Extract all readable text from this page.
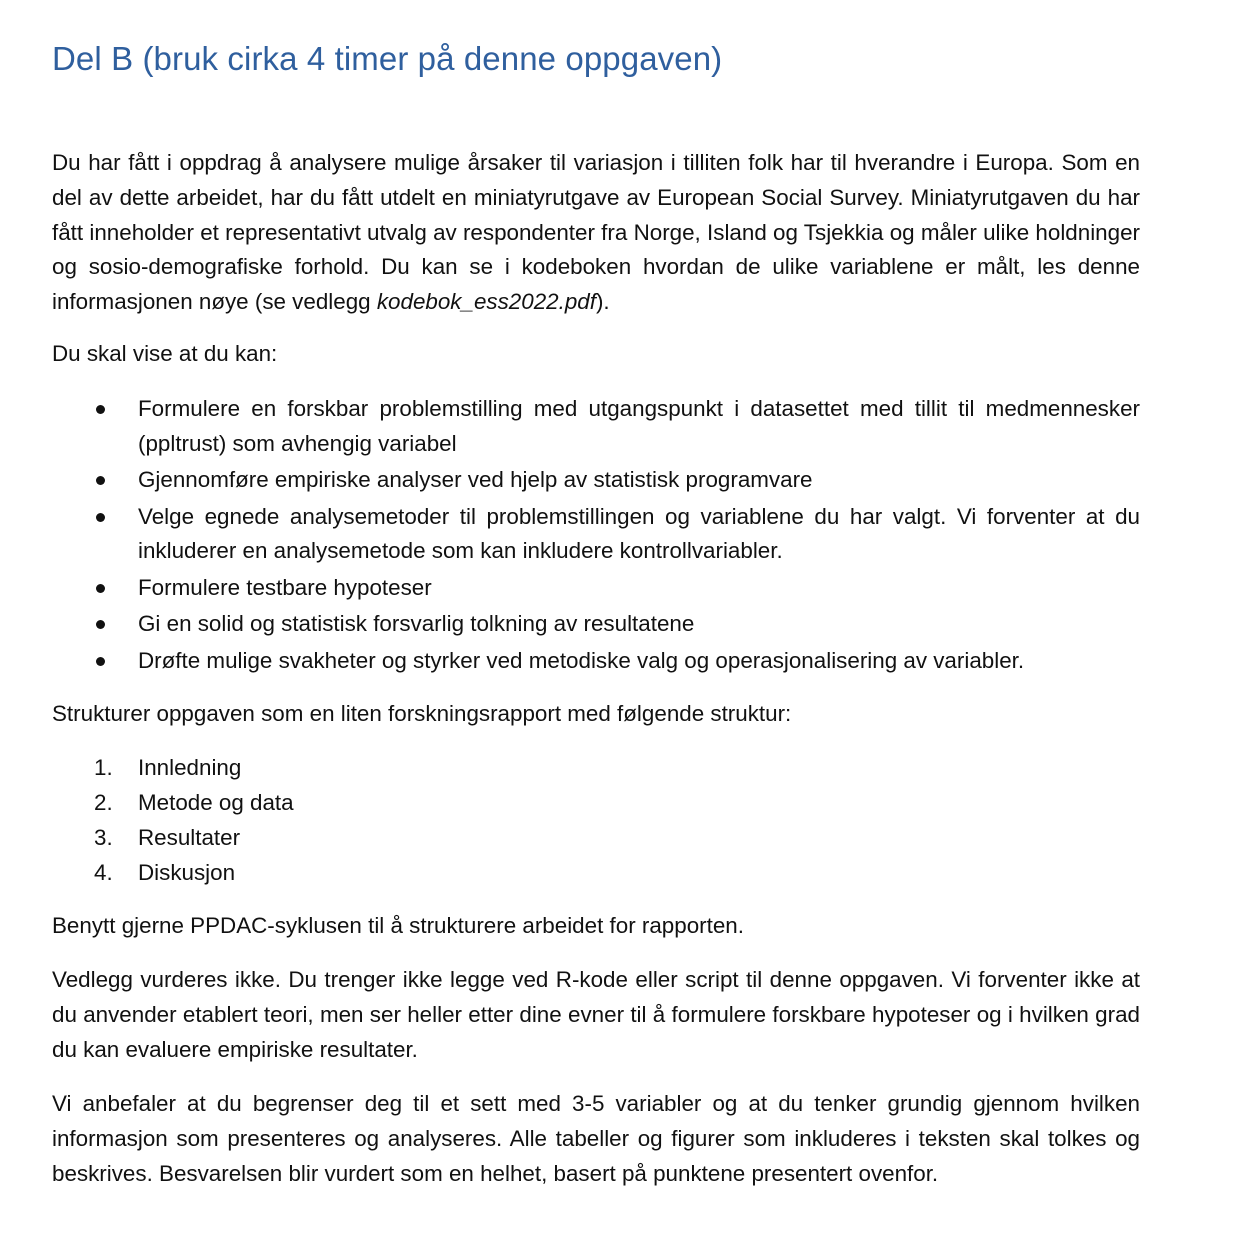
Del B (bruk cirka 4 timer på denne oppgaven)

Du har fått i oppdrag å analysere mulige årsaker til variasjon i tilliten folk har til hverandre i Europa. Som en del av dette arbeidet, har du fått utdelt en miniatyrutgave av European Social Survey. Miniatyrutgaven du har fått inneholder et representativt utvalg av respondenter fra Norge, Island og Tsjekkia og måler ulike holdninger og sosio-demografiske forhold. Du kan se i kodeboken hvordan de ulike variablene er målt, les denne informasjonen nøye (se vedlegg kodebok_ess2022.pdf).

Du skal vise at du kan:

Formulere en forskbar problemstilling med utgangspunkt i datasettet med tillit til medmennesker (ppltrust) som avhengig variabel
Gjennomføre empiriske analyser ved hjelp av statistisk programvare
Velge egnede analysemetoder til problemstillingen og variablene du har valgt. Vi forventer at du inkluderer en analysemetode som kan inkludere kontrollvariabler.
Formulere testbare hypoteser
Gi en solid og statistisk forsvarlig tolkning av resultatene
Drøfte mulige svakheter og styrker ved metodiske valg og operasjonalisering av variabler.

Strukturer oppgaven som en liten forskningsrapport med følgende struktur:

1. Innledning
2. Metode og data
3. Resultater
4. Diskusjon

Benytt gjerne PPDAC-syklusen til å strukturere arbeidet for rapporten.

Vedlegg vurderes ikke. Du trenger ikke legge ved R-kode eller script til denne oppgaven. Vi forventer ikke at du anvender etablert teori, men ser heller etter dine evner til å formulere forskbare hypoteser og i hvilken grad du kan evaluere empiriske resultater.

Vi anbefaler at du begrenser deg til et sett med 3-5 variabler og at du tenker grundig gjennom hvilken informasjon som presenteres og analyseres. Alle tabeller og figurer som inkluderes i teksten skal tolkes og beskrives. Besvarelsen blir vurdert som en helhet, basert på punktene presentert ovenfor.
